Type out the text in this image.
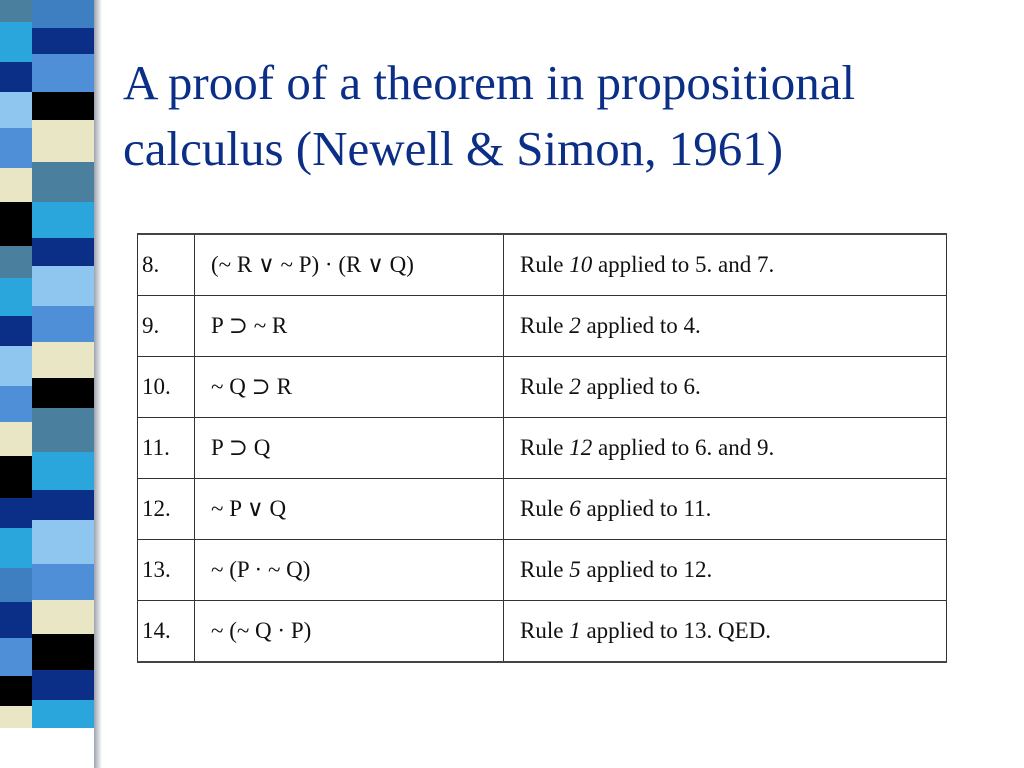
A proof of a theorem in propositional
calculus (Newell & Simon, 1961)
8.	(~ R ∨ ~ P) · (R ∨ Q)	Rule 10 applied to 5. and 7.
9.	P ⊃ ~ R	Rule 2 applied to 4.
10.	~ Q ⊃ R	Rule 2 applied to 6.
11.	P ⊃ Q	Rule 12 applied to 6. and 9.
12.	~ P ∨ Q	Rule 6 applied to 11.
13.	~ (P · ~ Q)	Rule 5 applied to 12.
14.	~ (~ Q · P)	Rule 1 applied to 13. QED.
